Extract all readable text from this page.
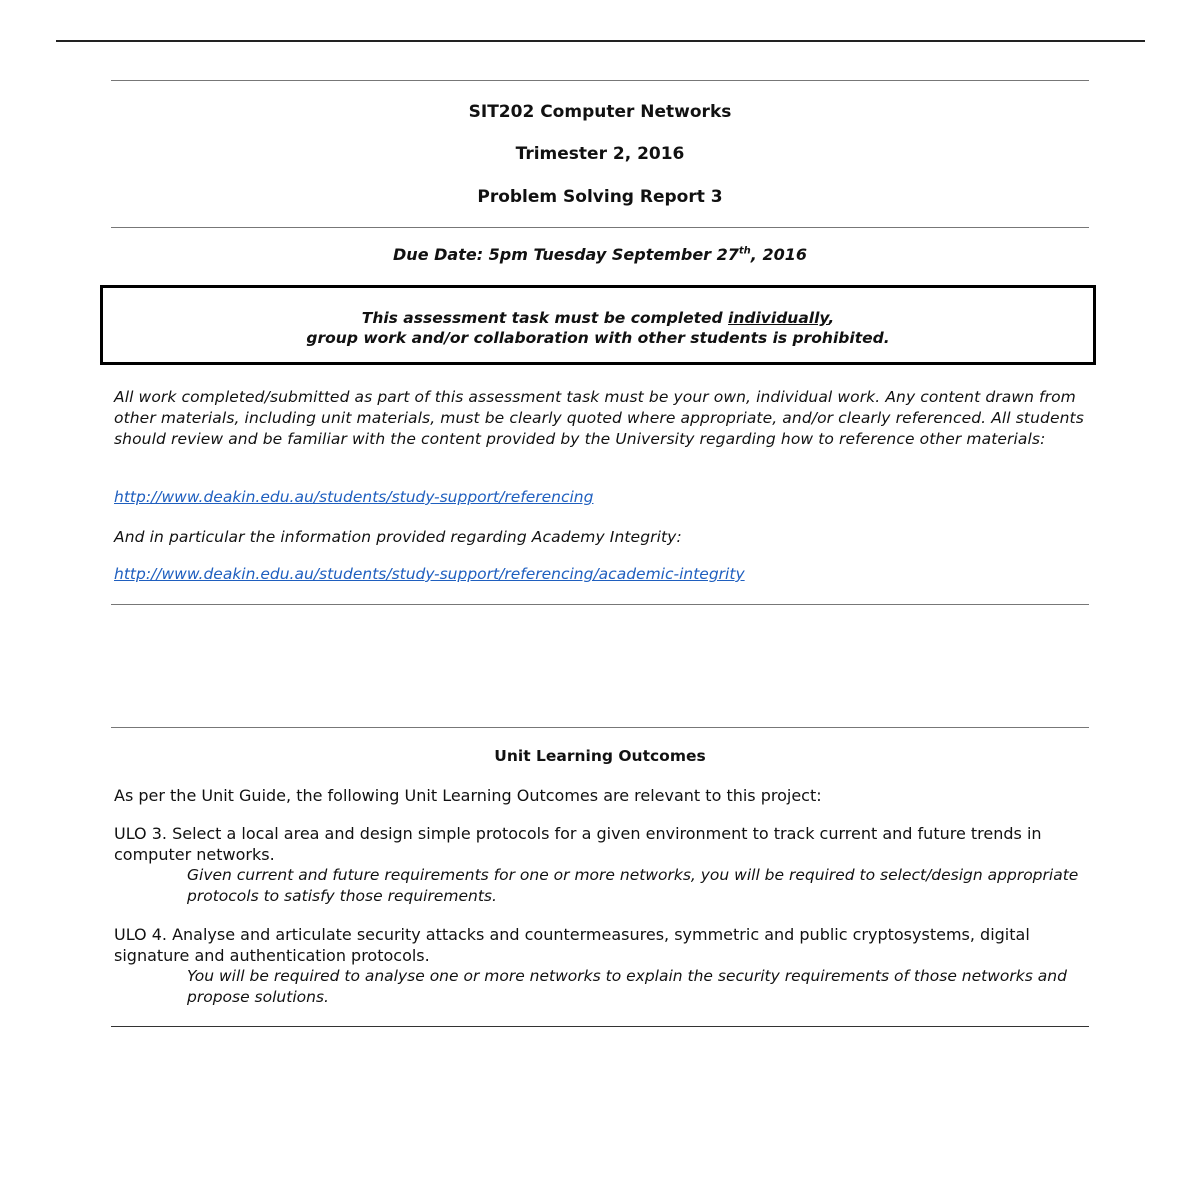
SIT202 Computer Networks
Trimester 2, 2016
Problem Solving Report 3
Due Date: 5pm Tuesday September 27th, 2016
This assessment task must be completed individually,
group work and/or collaboration with other students is prohibited.
All work completed/submitted as part of this assessment task must be your own, individual work. Any content drawn from other materials, including unit materials, must be clearly quoted where appropriate, and/or clearly referenced. All students should review and be familiar with the content provided by the University regarding how to reference other materials:
http://www.deakin.edu.au/students/study-support/referencing
And in particular the information provided regarding Academy Integrity:
http://www.deakin.edu.au/students/study-support/referencing/academic-integrity
Unit Learning Outcomes
As per the Unit Guide, the following Unit Learning Outcomes are relevant to this project:
ULO 3. Select a local area and design simple protocols for a given environment to track current and future trends in computer networks.
Given current and future requirements for one or more networks, you will be required to select/design appropriate protocols to satisfy those requirements.
ULO 4. Analyse and articulate security attacks and countermeasures, symmetric and public cryptosystems, digital signature and authentication protocols.
You will be required to analyse one or more networks to explain the security requirements of those networks and propose solutions.
